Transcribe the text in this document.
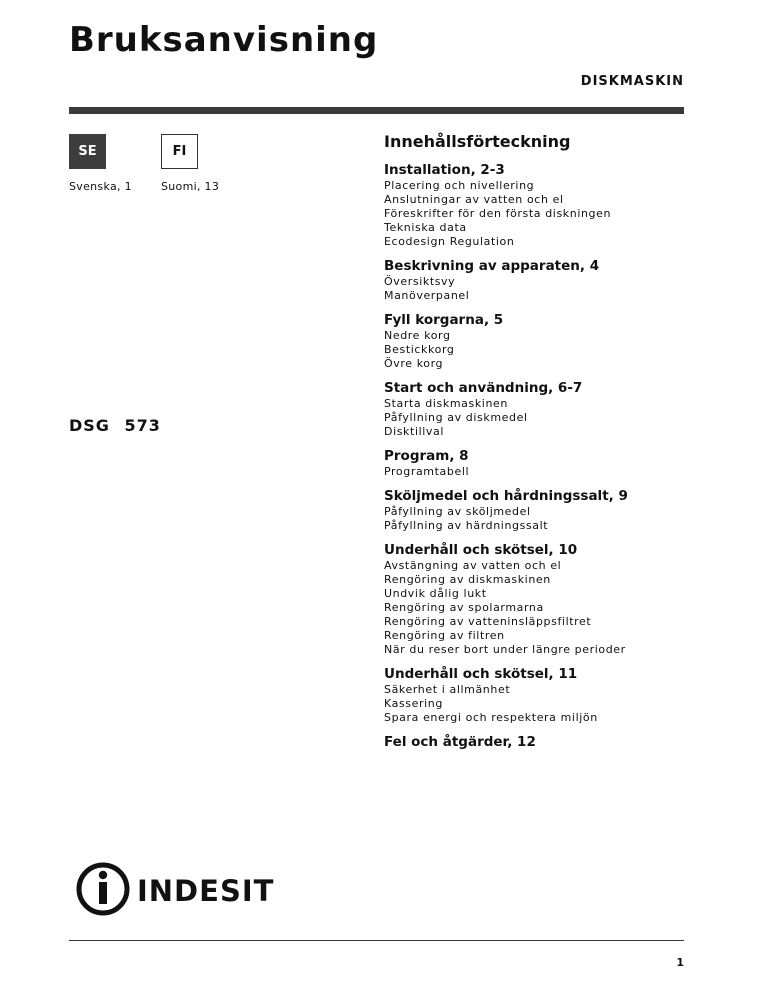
Bruksanvisning
DISKMASKIN
SE
Svenska, 1
FI
Suomi, 13
DSG 573
Innehållsförteckning
Installation, 2-3
Placering och nivellering
Anslutningar av vatten och el
Föreskrifter för den första diskningen
Tekniska data
Ecodesign Regulation
Beskrivning av apparaten, 4
Översiktsvy
Manöverpanel
Fyll korgarna, 5
Nedre korg
Bestickkorg
Övre korg
Start och användning, 6-7
Starta diskmaskinen
Påfyllning av diskmedel
Disktillval
Program, 8
Programtabell
Sköljmedel och hårdningssalt, 9
Påfyllning av sköljmedel
Påfyllning av härdningssalt
Underhåll och skötsel, 10
Avstängning av vatten och el
Rengöring av diskmaskinen
Undvik dålig lukt
Rengöring av spolarmarna
Rengöring av vatteninsläppsfiltret
Rengöring av filtren
När du reser bort under längre perioder
Underhåll och skötsel, 11
Säkerhet i allmänhet
Kassering
Spara energi och respektera miljön
Fel och åtgärder, 12
INDESIT
1
